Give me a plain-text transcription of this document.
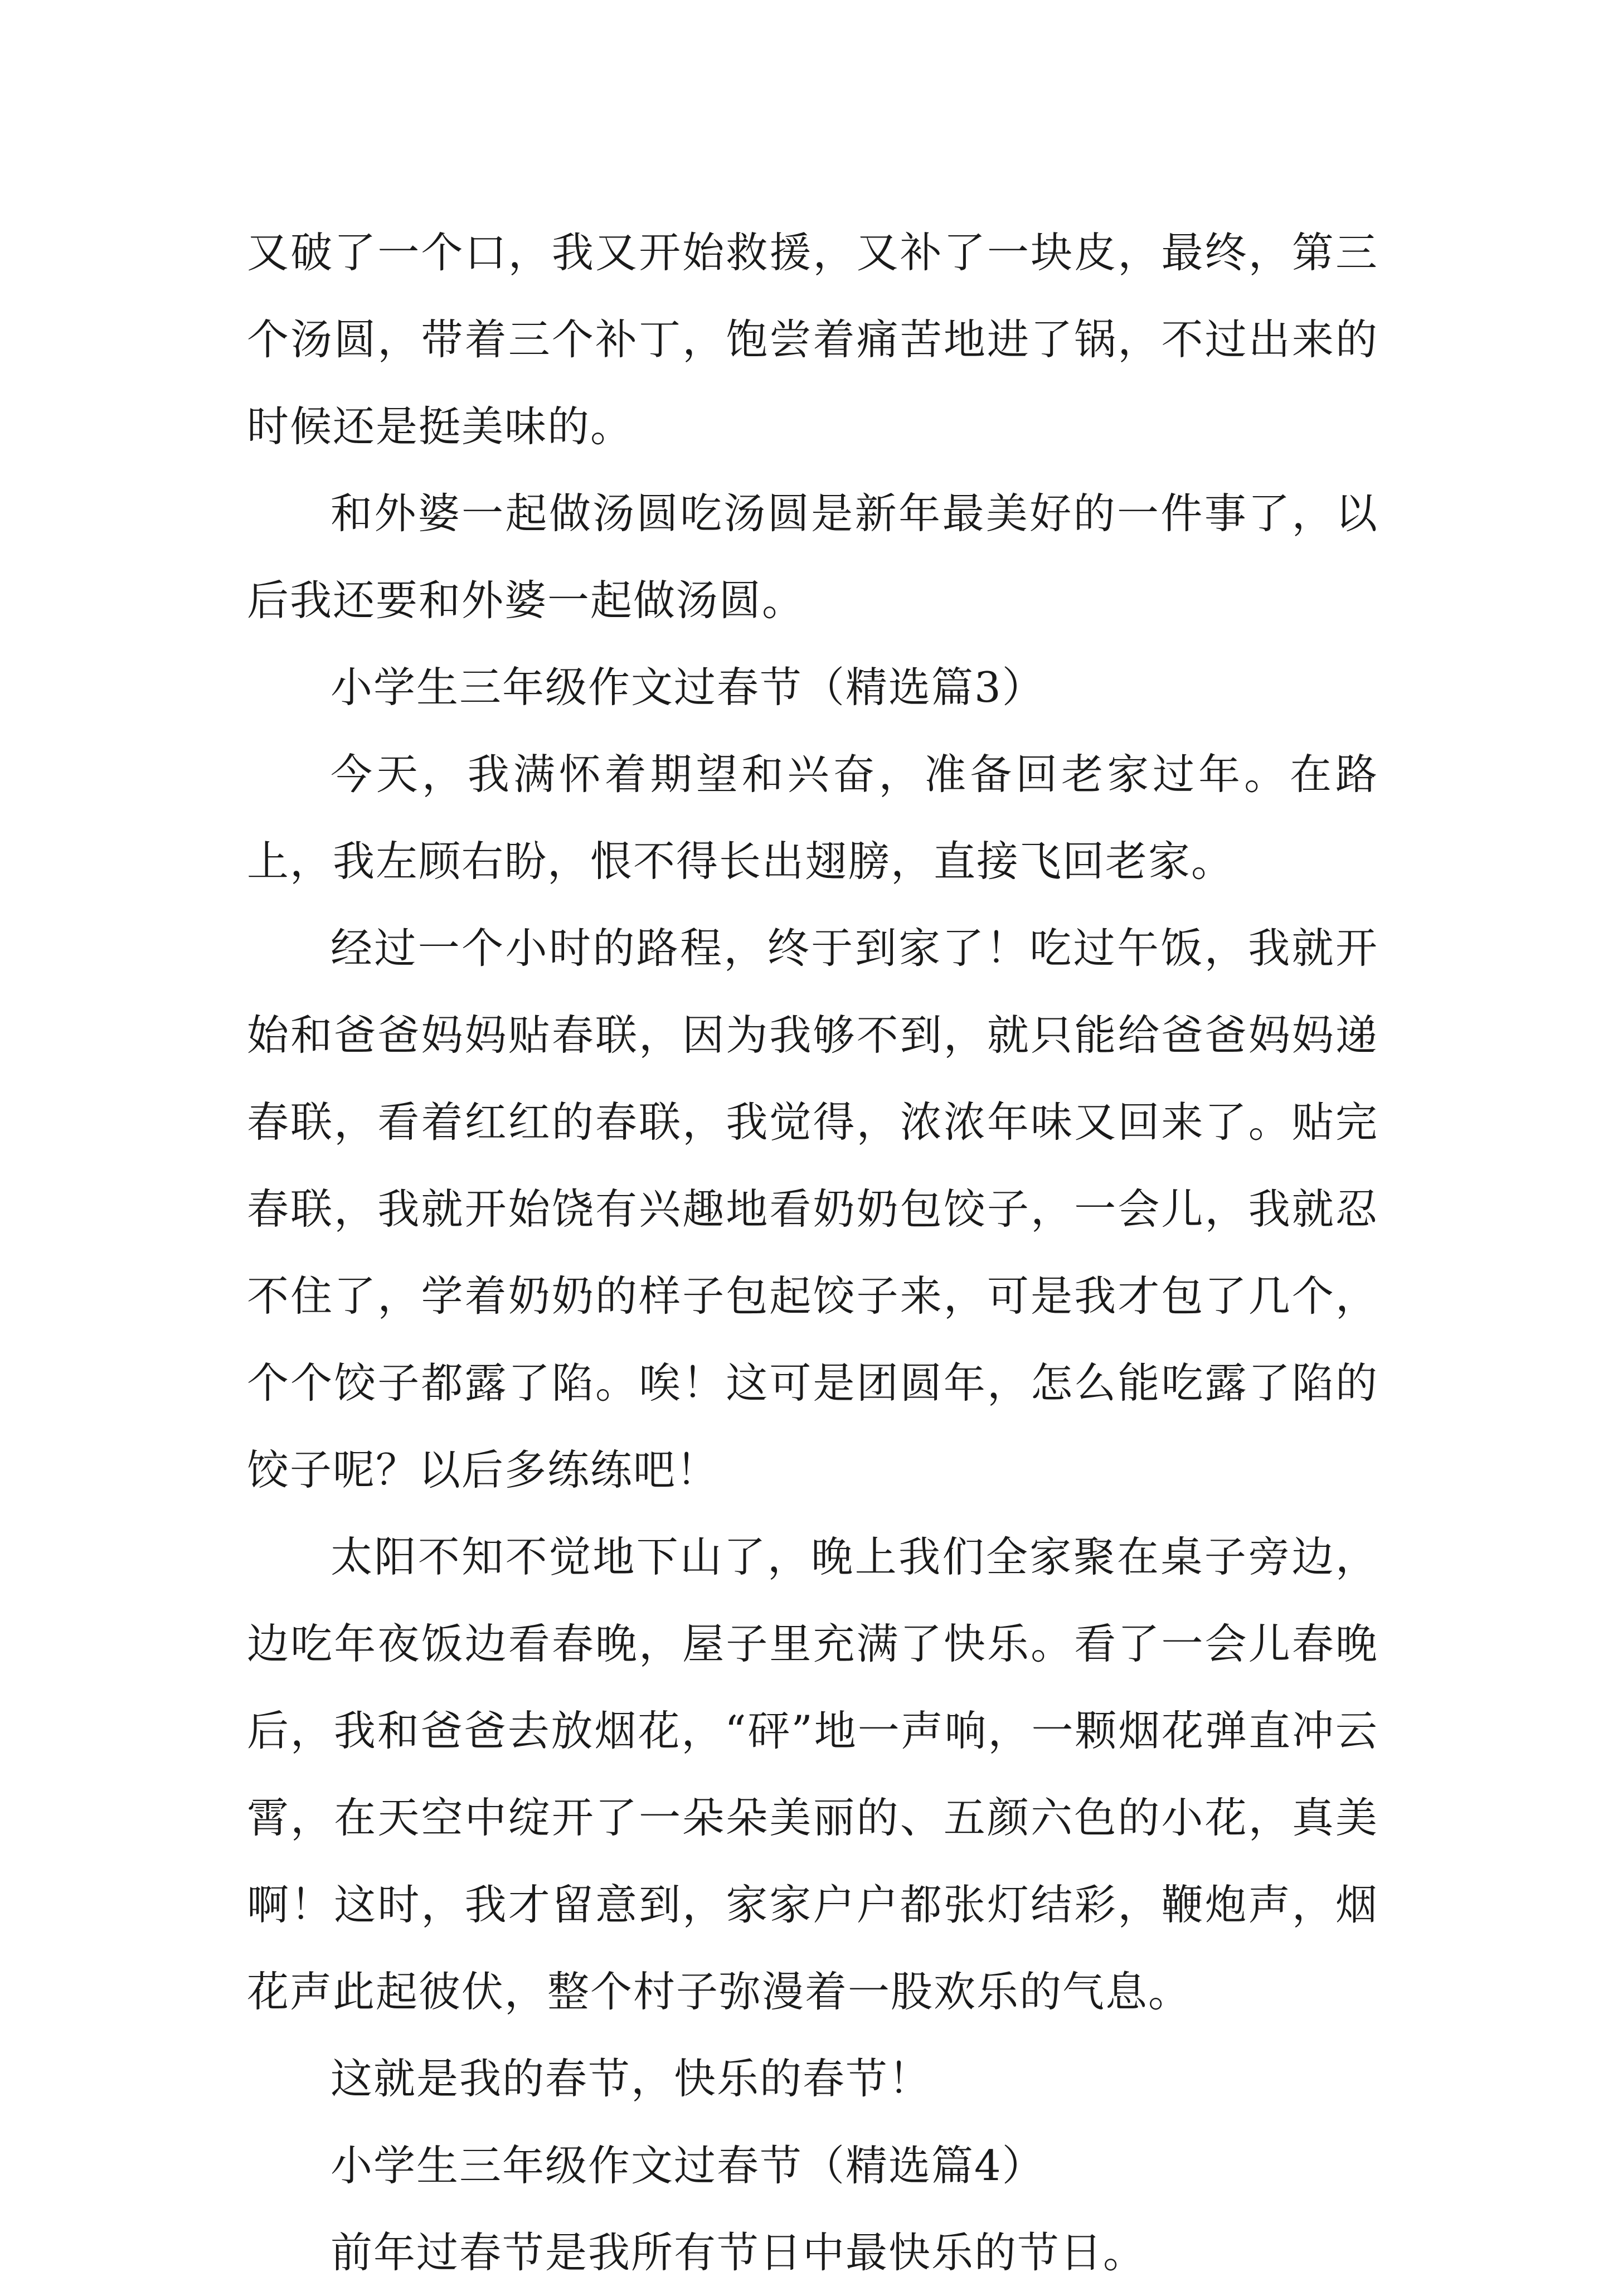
又破了一个口，我又开始救援，又补了一块皮，最终，第三个汤圆，带着三个补丁，饱尝着痛苦地进了锅，不过出来的时候还是挺美味的。

和外婆一起做汤圆吃汤圆是新年最美好的一件事了，以后我还要和外婆一起做汤圆。

小学生三年级作文过春节（精选篇3）

今天，我满怀着期望和兴奋，准备回老家过年。在路上，我左顾右盼，恨不得长出翅膀，直接飞回老家。

经过一个小时的路程，终于到家了！吃过午饭，我就开始和爸爸妈妈贴春联，因为我够不到，就只能给爸爸妈妈递春联，看着红红的春联，我觉得，浓浓年味又回来了。贴完春联，我就开始饶有兴趣地看奶奶包饺子，一会儿，我就忍不住了，学着奶奶的样子包起饺子来，可是我才包了几个，个个饺子都露了陷。唉！这可是团圆年，怎么能吃露了陷的饺子呢？以后多练练吧！

太阳不知不觉地下山了，晚上我们全家聚在桌子旁边，边吃年夜饭边看春晚，屋子里充满了快乐。看了一会儿春晚后，我和爸爸去放烟花，“砰”地一声响，一颗烟花弹直冲云霄，在天空中绽开了一朵朵美丽的、五颜六色的小花，真美啊！这时，我才留意到，家家户户都张灯结彩，鞭炮声，烟花声此起彼伏，整个村子弥漫着一股欢乐的气息。

这就是我的春节，快乐的春节！

小学生三年级作文过春节（精选篇4）

前年过春节是我所有节日中最快乐的节日。
